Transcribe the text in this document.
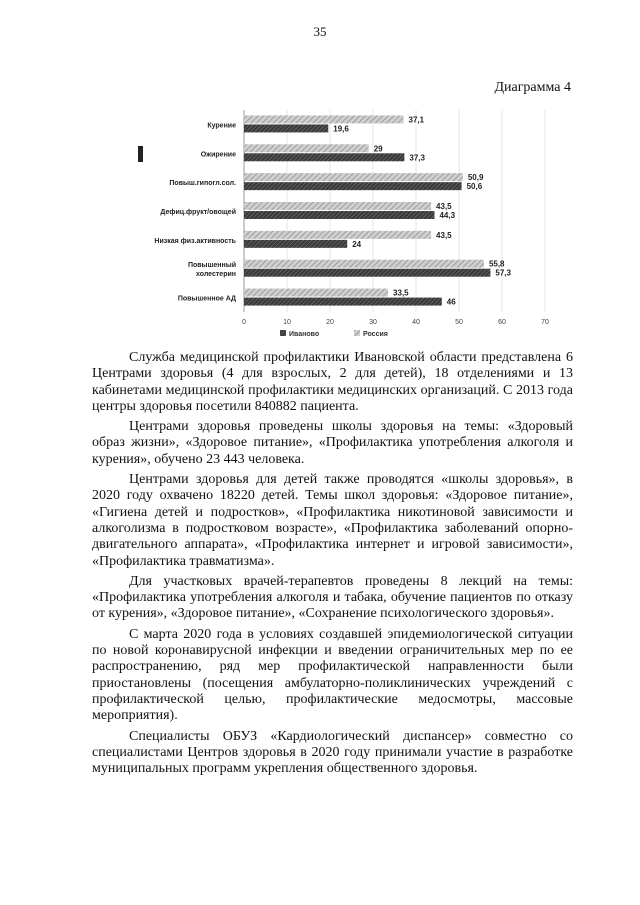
35
Диаграмма 4
0	10	20	30	40	50	60	70
Курение
37,1
19,6
Ожирение
29
37,3
Повыш.гипогл.сол.
50,9
50,6
Дефиц.фрукт/овощей
43,5
44,3
Низкая физ.активность
43,5
24
Повышенный
холестерин
55,8
57,3
Повышенное АД
33,5
46
Иваново	Россия

Служба медицинской профилактики Ивановской области представлена 6 Центрами здоровья (4 для взрослых, 2 для детей), 18 отделениями и 13 кабинетами медицинской профилактики медицинских организаций. С 2013 года центры здоровья посетили 840882 пациента.

Центрами здоровья проведены школы здоровья на темы: «Здоровый образ жизни», «Здоровое питание», «Профилактика употребления алкоголя и курения», обучено 23 443 человека.

Центрами здоровья для детей также проводятся «школы здоровья», в 2020 году охвачено 18220 детей. Темы школ здоровья: «Здоровое питание», «Гигиена детей и подростков», «Профилактика никотиновой зависимости и алкоголизма в подростковом возрасте», «Профилактика заболеваний опорно-двигательного аппарата», «Профилактика интернет и игровой зависимости», «Профилактика травматизма».

Для участковых врачей-терапевтов проведены 8 лекций на темы: «Профилактика употребления алкоголя и табака, обучение пациентов по отказу от курения», «Здоровое питание», «Сохранение психологического здоровья».

С марта 2020 года в условиях создавшей эпидемиологической ситуации по новой коронавирусной инфекции и введении ограничительных мер по ее распространению, ряд мер профилактической направленности были приостановлены (посещения амбулаторно-поликлинических учреждений с профилактической целью, профилактические медосмотры, массовые мероприятия).

Специалисты ОБУЗ «Кардиологический диспансер» совместно со специалистами Центров здоровья в 2020 году принимали участие в разработке муниципальных программ укрепления общественного здоровья.
